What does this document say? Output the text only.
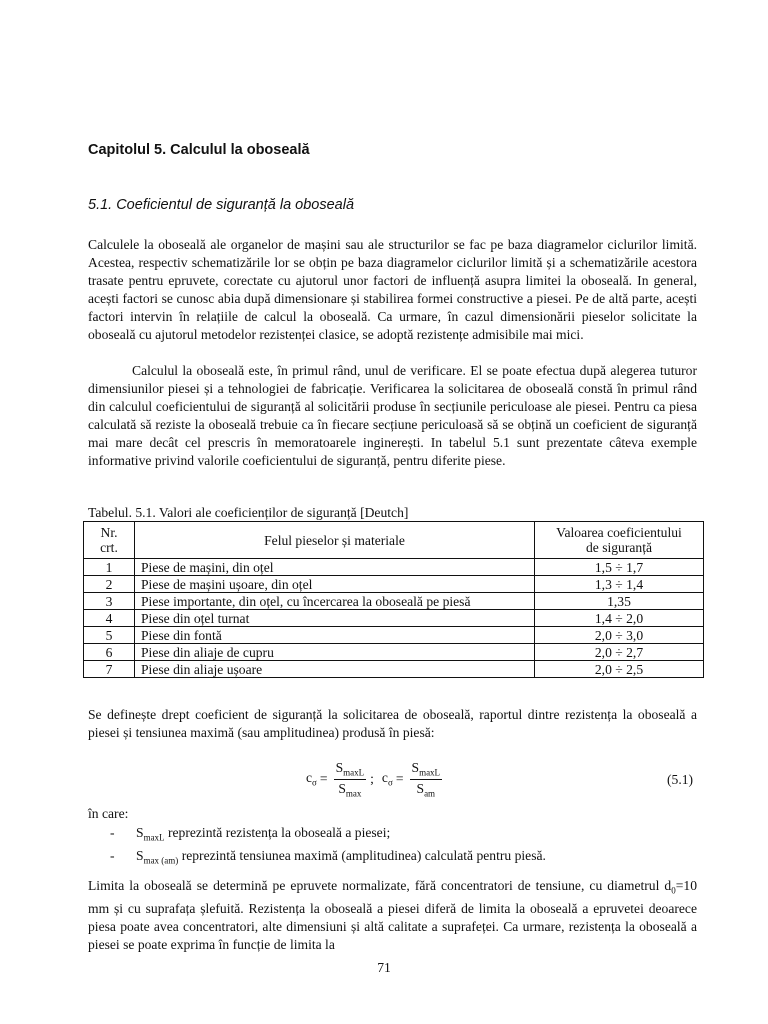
Capitolul 5. Calculul la oboseală
5.1. Coeficientul de siguranță la oboseală
Calculele la oboseală ale organelor de mașini sau ale structurilor se fac pe baza diagramelor ciclurilor limită. Acestea, respectiv schematizările lor se obțin pe baza diagramelor ciclurilor limită și a schematizările acestora trasate pentru epruvete, corectate cu ajutorul unor factori de influență asupra limitei la oboseală. In general, acești factori se cunosc abia după dimensionare și stabilirea formei constructive a piesei. Pe de altă parte, acești factori intervin în relațiile de calcul la oboseală. Ca urmare, în cazul dimensionării pieselor solicitate la oboseală cu ajutorul metodelor rezistenței clasice, se adoptă rezistențe admisibile mai mici.
Calculul la oboseală este, în primul rând, unul de verificare. El se poate efectua după alegerea tuturor dimensiunilor piesei și a tehnologiei de fabricație. Verificarea la solicitarea de oboseală constă în primul rând din calculul coeficientului de siguranță al solicitării produse în secțiunile periculoase ale piesei. Pentru ca piesa calculată să reziste la oboseală trebuie ca în fiecare secțiune periculoasă să se obțină un coeficient de siguranță mai mare decât cel prescris în memoratoarele inginerești. In tabelul 5.1 sunt prezentate câteva exemple informative privind valorile coeficientului de siguranță, pentru diferite piese.
Tabelul. 5.1. Valori ale coeficienților de siguranță [Deutch]
Nr.
crt.	Felul pieselor și materiale	Valoarea coeficientului
de siguranță
1	Piese de mașini, din oțel	1,5 ÷ 1,7
2	Piese de mașini ușoare, din oțel	1,3 ÷ 1,4
3	Piese importante, din oțel, cu încercarea la oboseală pe piesă	1,35
4	Piese din oțel turnat	1,4 ÷ 2,0
5	Piese din fontă	2,0 ÷ 3,0
6	Piese din aliaje de cupru	2,0 ÷ 2,7
7	Piese din aliaje ușoare	2,0 ÷ 2,5
Se definește drept coeficient de siguranță la solicitarea de oboseală, raportul dintre rezistența la oboseală a piesei și tensiunea maximă (sau amplitudinea) produsă în piesă:
$c_\sigma = \frac{S_{maxL}}{S_{max}}$ ; $c_\sigma = \frac{S_{maxL}}{S_{am}}$	(5.1)
în care:
-	$S_{maxL}$ reprezintă rezistența la oboseală a piesei;
-	$S_{max (am)}$ reprezintă tensiunea maximă (amplitudinea) calculată pentru piesă.
Limita la oboseală se determină pe epruvete normalizate, fără concentratori de tensiune, cu diametrul $d_0=10$ mm și cu suprafața șlefuită. Rezistența la oboseală a piesei diferă de limita la oboseală a epruvetei deoarece piesa poate avea concentratori, alte dimensiuni și altă calitate a suprafeței. Ca urmare, rezistența la oboseală a piesei se poate exprima în funcție de limita la
71
